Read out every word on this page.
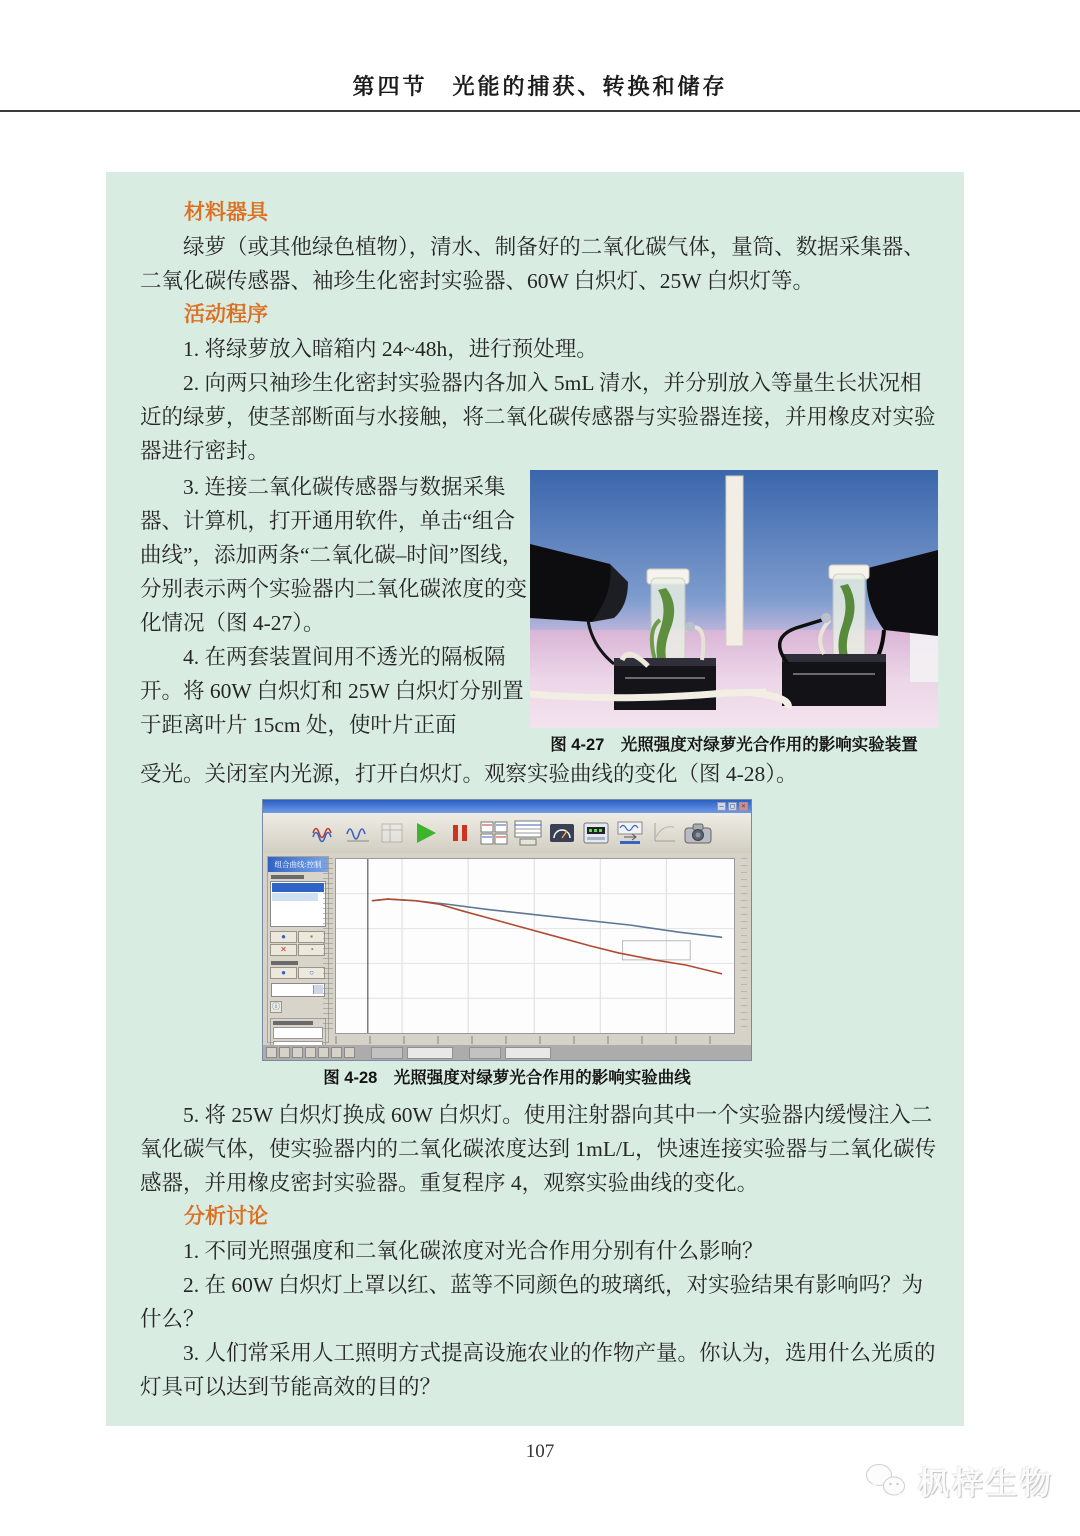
第四节　光能的捕获、转换和储存
材料器具

绿萝（或其他绿色植物），清水、制备好的二氧化碳气体，量筒、数据采集器、二氧化碳传感器、袖珍生化密封实验器、60W 白炽灯、25W 白炽灯等。

活动程序

1. 将绿萝放入暗箱内 24~48h，进行预处理。

2. 向两只袖珍生化密封实验器内各加入 5mL 清水，并分别放入等量生长状况相近的绿萝，使茎部断面与水接触，将二氧化碳传感器与实验器连接，并用橡皮对实验器进行密封。

3. 连接二氧化碳传感器与数据采集器、计算机，打开通用软件，单击“组合曲线”，添加两条“二氧化碳–时间”图线，分别表示两个实验器内二氧化碳浓度的变化情况（图 4-27）。

4. 在两套装置间用不透光的隔板隔开。将 60W 白炽灯和 25W 白炽灯分别置于距离叶片 15cm 处，使叶片正面

图 4-27　光照强度对绿萝光合作用的影响实验装置

受光。关闭室内光源，打开白炽灯。观察实验曲线的变化（图 4-28）。

– □ ×
组合曲线:控制
●	▪
✕	◔
●	○
ⓘ
图 4-28　光照强度对绿萝光合作用的影响实验曲线

5. 将 25W 白炽灯换成 60W 白炽灯。使用注射器向其中一个实验器内缓慢注入二氧化碳气体，使实验器内的二氧化碳浓度达到 1mL/L，快速连接实验器与二氧化碳传感器，并用橡皮密封实验器。重复程序 4，观察实验曲线的变化。

分析讨论

1. 不同光照强度和二氧化碳浓度对光合作用分别有什么影响？

2. 在 60W 白炽灯上罩以红、蓝等不同颜色的玻璃纸，对实验结果有影响吗？为什么？

3. 人们常采用人工照明方式提高设施农业的作物产量。你认为，选用什么光质的灯具可以达到节能高效的目的？

107
枫梓生物
